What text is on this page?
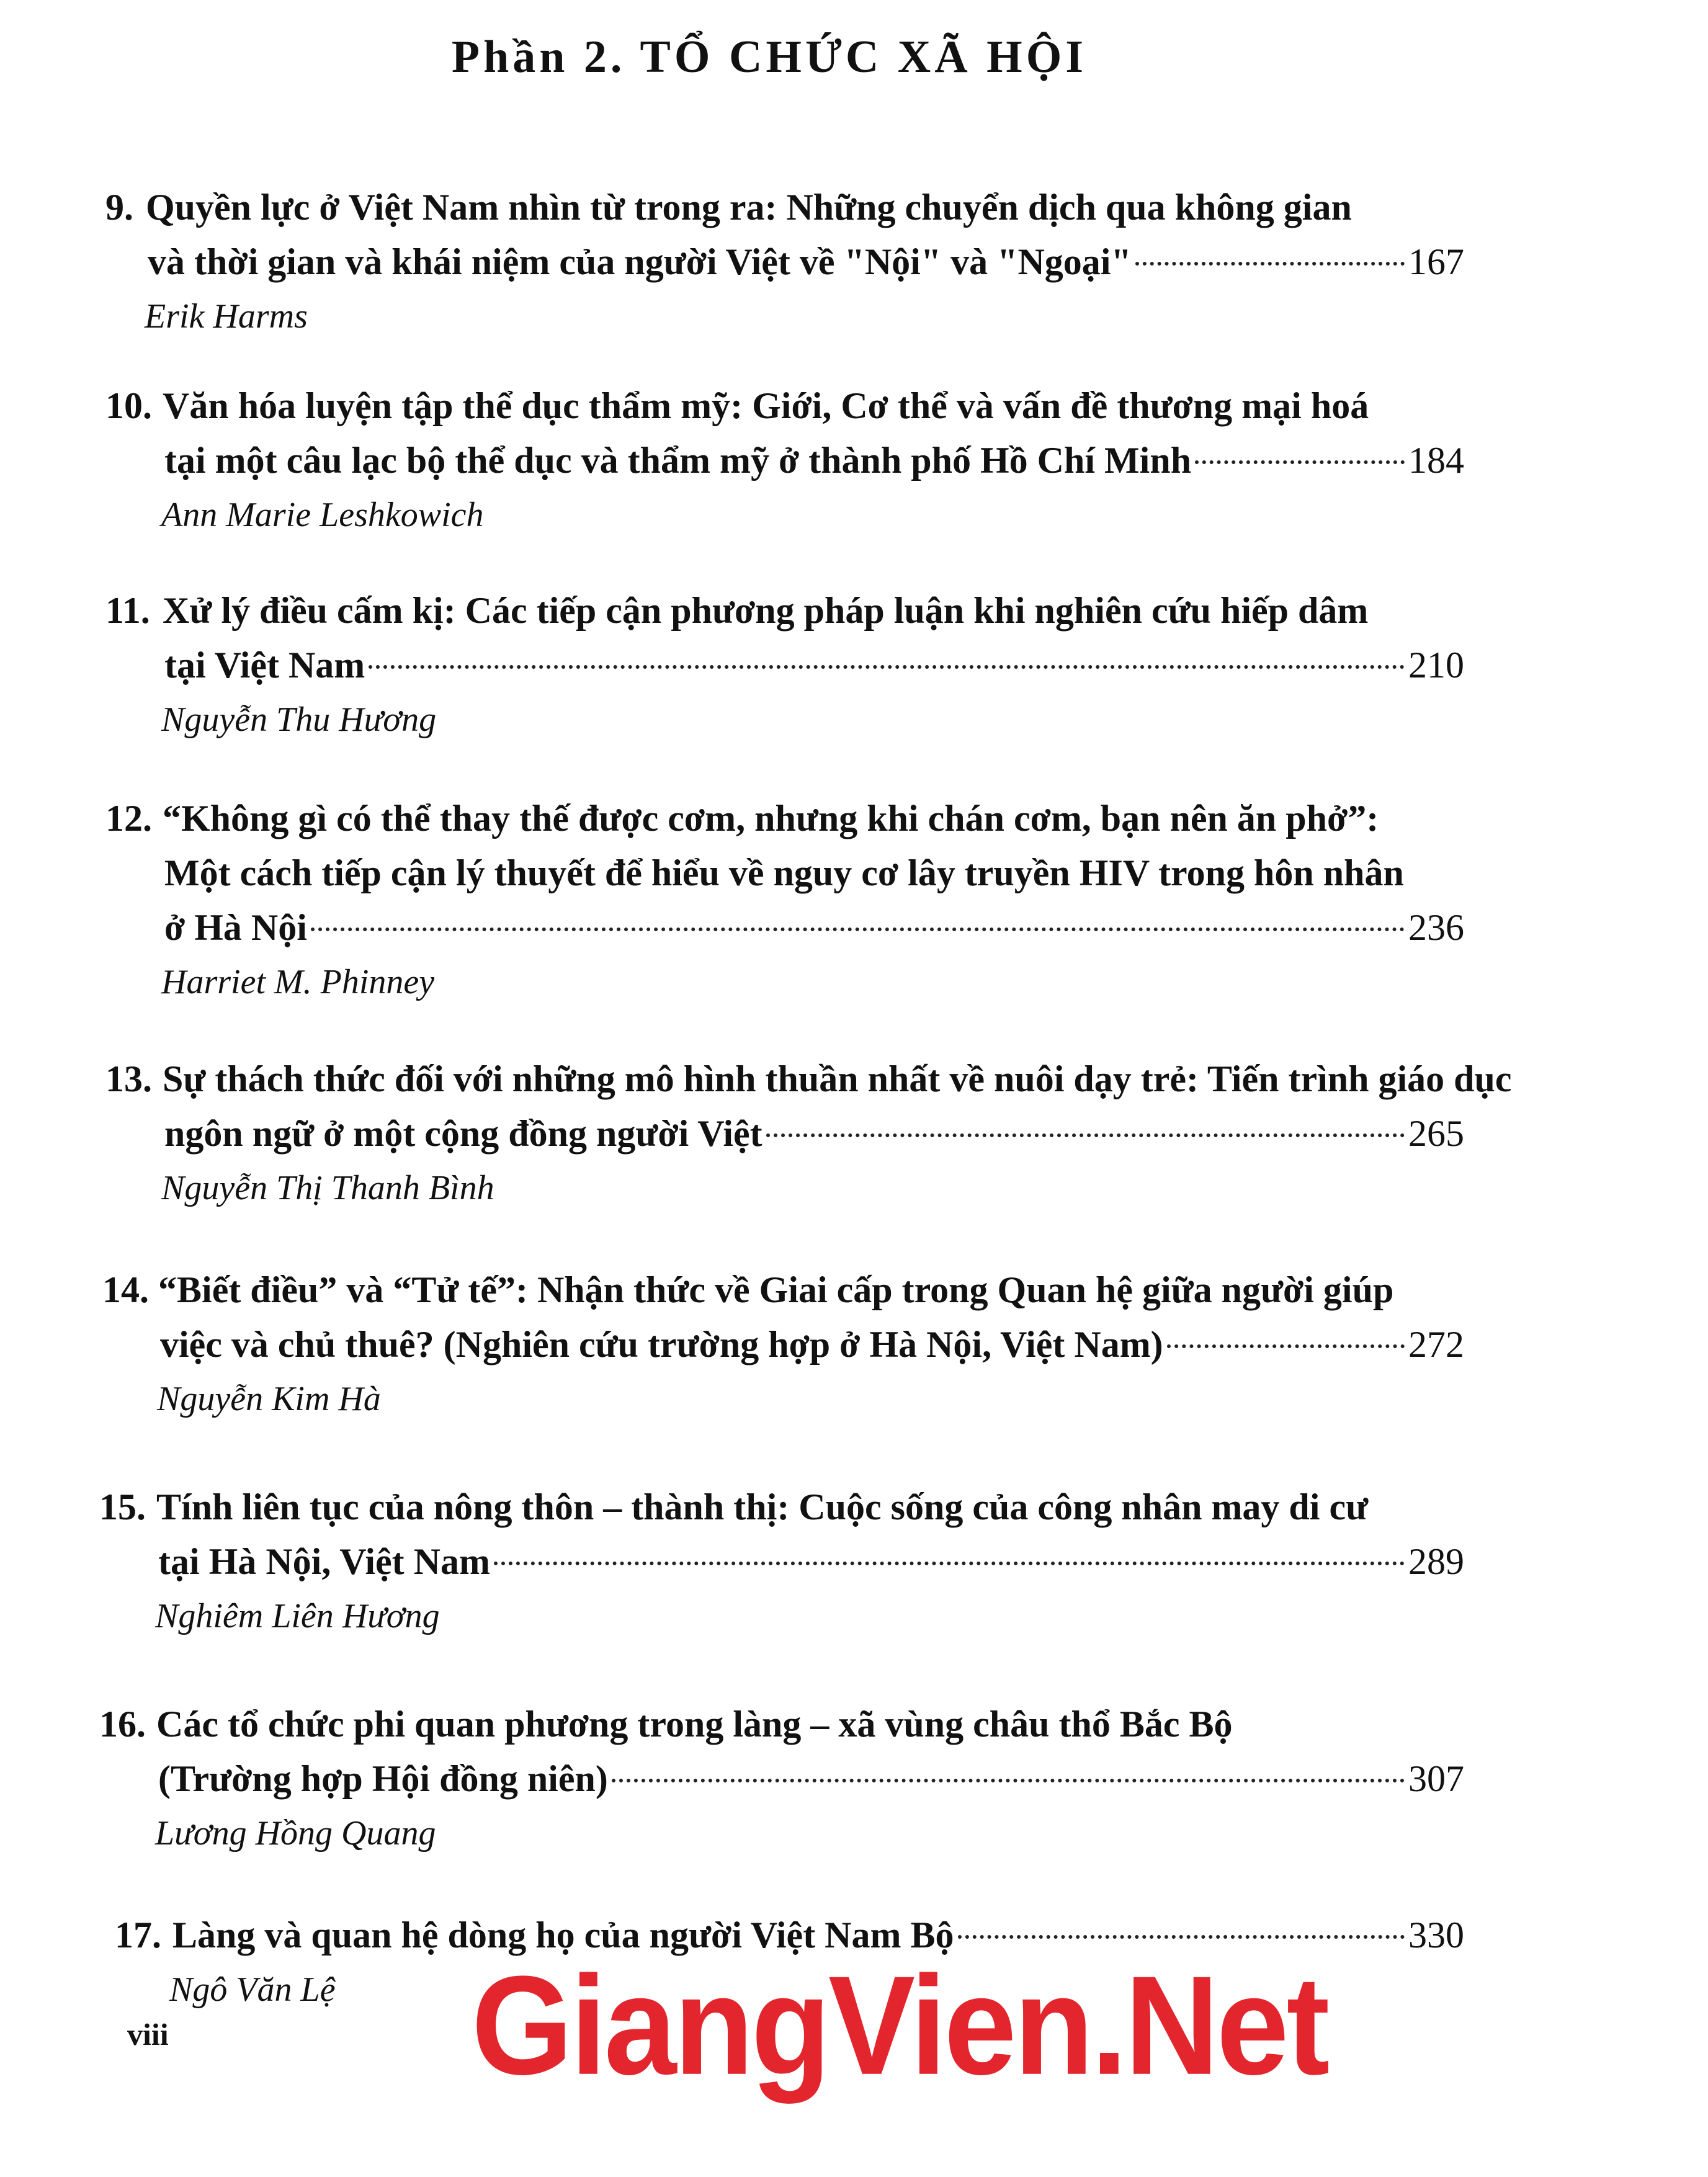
Phần 2. TỔ CHỨC XÃ HỘI
9. Quyền lực ở Việt Nam nhìn từ trong ra: Những chuyển dịch qua không gian
và thời gian và khái niệm của người Việt về "Nội" và "Ngoại"	167
Erik Harms
10. Văn hóa luyện tập thể dục thẩm mỹ: Giới, Cơ thể và vấn đề thương mại hoá
tại một câu lạc bộ thể dục và thẩm mỹ ở thành phố Hồ Chí Minh	184
Ann Marie Leshkowich
11. Xử lý điều cấm kị: Các tiếp cận phương pháp luận khi nghiên cứu hiếp dâm
tại Việt Nam	210
Nguyễn Thu Hương
12. “Không gì có thể thay thế được cơm, nhưng khi chán cơm, bạn nên ăn phở”:
Một cách tiếp cận lý thuyết để hiểu về nguy cơ lây truyền HIV trong hôn nhân
ở Hà Nội	236
Harriet M. Phinney
13. Sự thách thức đối với những mô hình thuần nhất về nuôi dạy trẻ: Tiến trình giáo dục
ngôn ngữ ở một cộng đồng người Việt	265
Nguyễn Thị Thanh Bình
14. “Biết điều” và “Tử tế”: Nhận thức về Giai cấp trong Quan hệ giữa người giúp
việc và chủ thuê? (Nghiên cứu trường hợp ở Hà Nội, Việt Nam)	272
Nguyễn Kim Hà
15. Tính liên tục của nông thôn – thành thị: Cuộc sống của công nhân may di cư
tại Hà Nội, Việt Nam	289
Nghiêm Liên Hương
16. Các tổ chức phi quan phương trong làng – xã vùng châu thổ Bắc Bộ
(Trường hợp Hội đồng niên)	307
Lương Hồng Quang
17. Làng và quan hệ dòng họ của người Việt Nam Bộ	330
Ngô Văn Lệ
viii GiangVien.Net
